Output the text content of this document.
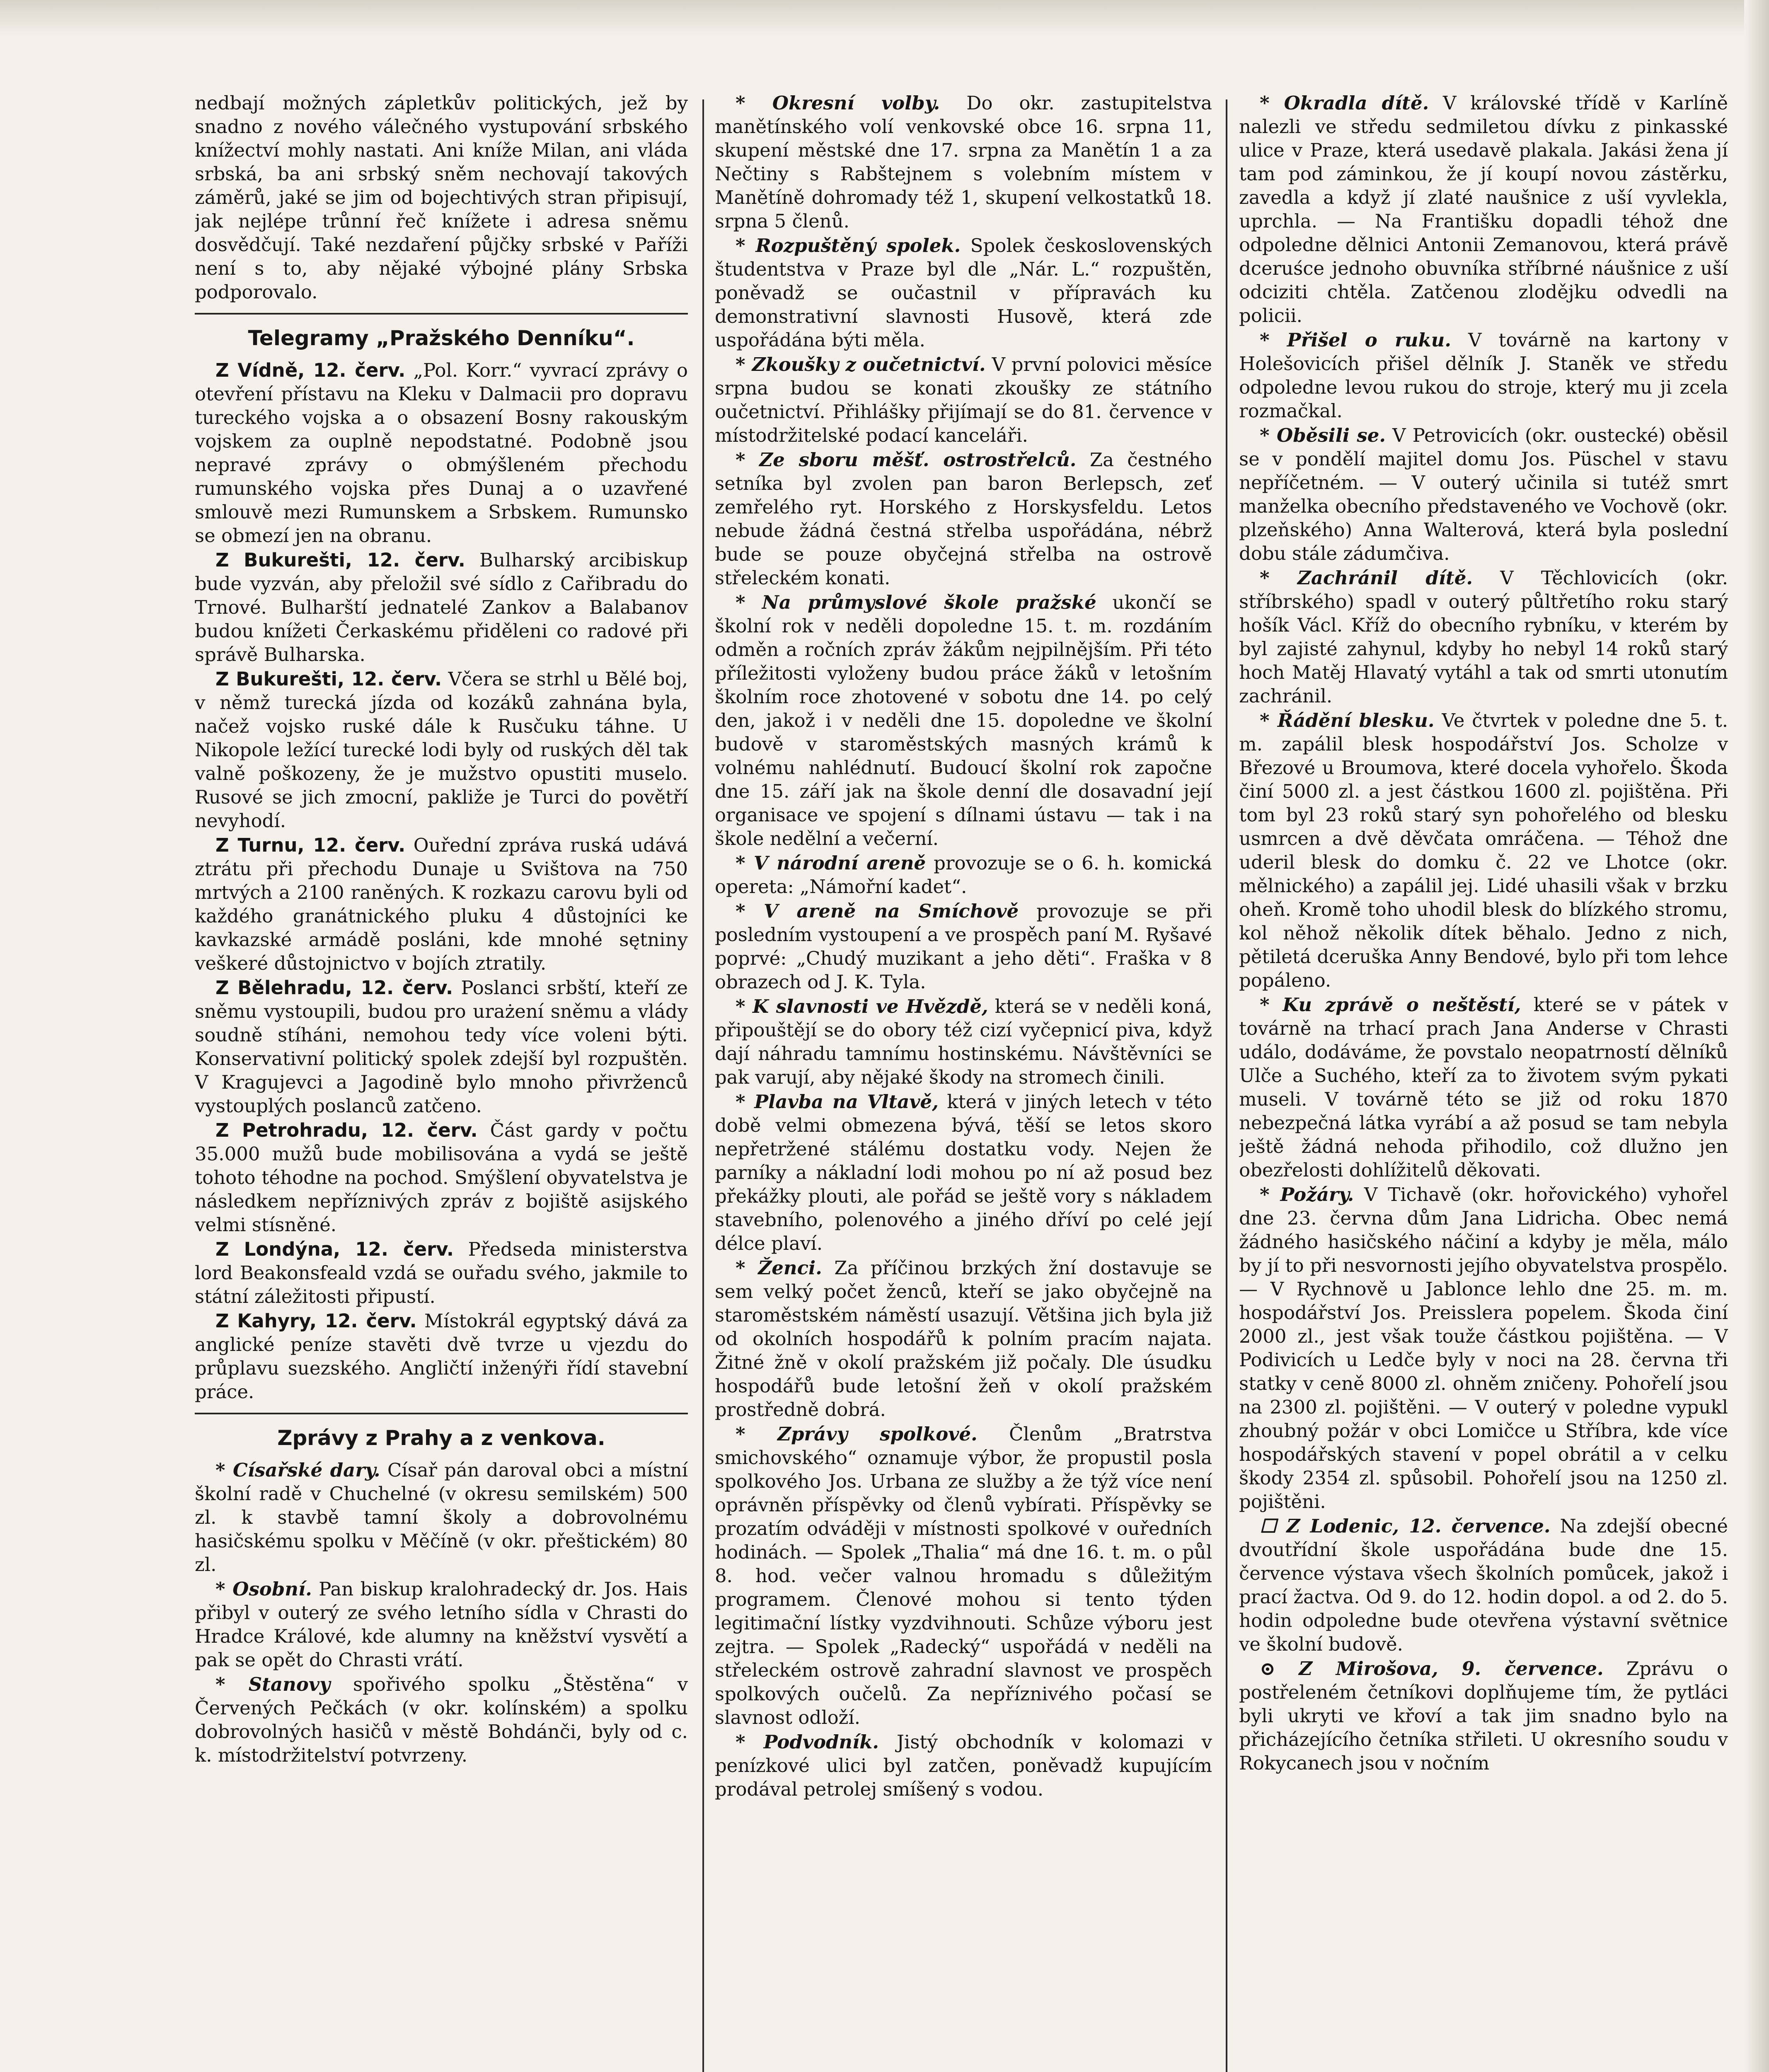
nedbají možných zápletkův politických, jež by snadno z nového válečného vystupování srbského knížectví mohly nastati. Ani kníže Milan, ani vláda srbská, ba ani srbský sněm nechovají takových záměrů, jaké se jim od bojechtivých stran připisují, jak nejlépe trůnní řeč knížete i adresa sněmu dosvědčují. Také nezdaření půjčky srbské v Paříži není s to, aby nějaké výbojné plány Srbska podporovalo.

Telegramy „Pražského Denníku“.

Z Vídně, 12. červ. „Pol. Korr.“ vyvrací zprávy o otevření přístavu na Kleku v Dalmacii pro dopravu tureckého vojska a o obsazení Bosny rakouským vojskem za ouplně nepodstatné. Podobně jsou nepravé zprávy o obmýšleném přechodu rumunského vojska přes Dunaj a o uzavřené smlouvě mezi Rumunskem a Srbskem. Rumunsko se obmezí jen na obranu.

Z Bukurešti, 12. červ. Bulharský arcibiskup bude vyzván, aby přeložil své sídlo z Cařibradu do Trnové. Bulharští jednatelé Zankov a Balabanov budou knížeti Čerkaskému přiděleni co radové při správě Bulharska.

Z Bukurešti, 12. červ. Včera se strhl u Bělé boj, v němž turecká jízda od kozáků zahnána byla, načež vojsko ruské dále k Rusčuku táhne. U Nikopole ležící turecké lodi byly od ruských děl tak valně poškozeny, že je mužstvo opustiti muselo. Rusové se jich zmocní, pakliže je Turci do povětří nevyhodí.

Z Turnu, 12. červ. Ouřední zpráva ruská udává ztrátu při přechodu Dunaje u Svištova na 750 mrtvých a 2100 raněných. K rozkazu carovu byli od každého granátnického pluku 4 důstojníci ke kavkazské armádě posláni, kde mnohé sętniny veškeré důstojnictvo v bojích ztratily.

Z Bělehradu, 12. červ. Poslanci srbští, kteří ze sněmu vystoupili, budou pro urażení sněmu a vlády soudně stíháni, nemohou tedy více voleni býti. Konservativní politický spolek zdejší byl rozpuštěn. V Kragujevci a Jagodině bylo mnoho přivrženců vystouplých poslanců zatčeno.

Z Petrohradu, 12. červ. Část gardy v počtu 35.000 mužů bude mobilisována a vydá se ještě tohoto téhodne na pochod. Smýšlení obyvatelstva je následkem nepříznivých zpráv z bojiště asijského velmi stísněné.

Z Londýna, 12. červ. Předseda ministerstva lord Beakonsfeald vzdá se ouřadu svého, jakmile to státní záležitosti připustí.

Z Kahyry, 12. červ. Místokrál egyptský dává za anglické peníze stavěti dvě tvrze u vjezdu do průplavu suezského. Angličtí inženýři řídí stavební práce.

Zprávy z Prahy a z venkova.

* Císařské dary. Císař pán daroval obci a místní školní radě v Chuchelné (v okresu semilském) 500 zl. k stavbě tamní školy a dobrovolnému hasičskému spolku v Měčíně (v okr. přeštickém) 80 zl.

* Osobní. Pan biskup kralohradecký dr. Jos. Hais přibyl v outerý ze svého letního sídla v Chrasti do Hradce Králové, kde alumny na kněžství vysvětí a pak se opět do Chrasti vrátí.

* Stanovy spořivého spolku „Štěstěna“ v Červených Pečkách (v okr. kolínském) a spolku dobrovolných hasičů v městě Bohdánči, byly od c. k. místodržitelství potvrzeny.

* Okresní volby. Do okr. zastupitelstva manětínského volí venkovské obce 16. srpna 11, skupení městské dne 17. srpna za Manětín 1 a za Nečtiny s Rabštejnem s volebním místem v Manětíně dohromady též 1, skupení velkostatků 18. srpna 5 členů.

* Rozpuštěný spolek. Spolek československých študentstva v Praze byl dle „Nár. L.“ rozpuštěn, poněvadž se oučastnil v přípravách ku demonstrativní slavnosti Husově, která zde uspořádána býti měla.

* Zkoušky z oučetnictví. V první polovici měsíce srpna budou se konati zkoušky ze státního oučetnictví. Přihlášky přijímají se do 81. července v místodržitelské podací kanceláři.

* Ze sboru měšť. ostrostřelců. Za čestného setníka byl zvolen pan baron Berlepsch, zeť zemřelého ryt. Horského z Horskysfeldu. Letos nebude žádná čestná střelba uspořádána, nébrž bude se pouze obyčejná střelba na ostrově střeleckém konati.

* Na průmyslové škole pražské ukončí se školní rok v neděli dopoledne 15. t. m. rozdáním odměn a ročních zpráv žákům nejpilnějším. Při této příležitosti vyloženy budou práce žáků v letošním školním roce zhotovené v sobotu dne 14. po celý den, jakož i v neděli dne 15. dopoledne ve školní budově v staroměstských masných krámů k volnému nahlédnutí. Budoucí školní rok započne dne 15. září jak na škole denní dle dosavadní její organisace ve spojení s dílnami ústavu — tak i na škole nedělní a večerní.

* V národní areně provozuje se o 6. h. komická opereta: „Námořní kadet“.

* V areně na Smíchově provozuje se při posledním vystoupení a ve prospěch paní M. Ryšavé poprvé: „Chudý muzikant a jeho děti“. Fraška v 8 obrazech od J. K. Tyla.

* K slavnosti ve Hvězdě, která se v neděli koná, připouštějí se do obory též cizí vyčepnicí piva, když dají náhradu tamnímu hostinskému. Návštěvníci se pak varují, aby nějaké škody na stromech činili.

* Plavba na Vltavě, která v jiných letech v této době velmi obmezena bývá, těší se letos skoro nepřetržené stálému dostatku vody. Nejen že parníky a nákladní lodi mohou po ní až posud bez překážky plouti, ale pořád se ještě vory s nákladem stavebního, polenového a jiného dříví po celé její délce plaví.

* Ženci. Za příčinou brzkých žní dostavuje se sem velký počet ženců, kteří se jako obyčejně na staroměstském náměstí usazují. Většina jich byla již od okolních hospodářů k polním pracím najata. Žitné žně v okolí pražském již počaly. Dle úsudku hospodářů bude letošní žeň v okolí pražském prostředně dobrá.

* Zprávy spolkové. Členům „Bratrstva smichovského“ oznamuje výbor, že propustil posla spolkového Jos. Urbana ze služby a že týž více není oprávněn příspěvky od členů vybírati. Příspěvky se prozatím odváději v místnosti spolkové v ouředních hodinách. — Spolek „Thalia“ má dne 16. t. m. o půl 8. hod. večer valnou hromadu s důležitým programem. Členové mohou si tento týden legitimační lístky vyzdvihnouti. Schůze výboru jest zejtra. — Spolek „Radecký“ uspořádá v neděli na střeleckém ostrově zahradní slavnost ve prospěch spolkových oučelů. Za nepříznivého počasí se slavnost odloží.

* Podvodník. Jistý obchodník v kolomazi v penízkové ulici byl zatčen, poněvadž kupujícím prodával petrolej smíšený s vodou.

* Okradla dítě. V královské třídě v Karlíně nalezli ve středu sedmiletou dívku z pinkasské ulice v Praze, která usedavě plakala. Jakási žena jí tam pod záminkou, že jí koupí novou zástěrku, zavedla a když jí zlaté naušnice z uší vyvlekla, uprchla. — Na Františku dopadli téhož dne odpoledne dělnici Antonii Zemanovou, která právě dceruśce jednoho obuvníka stříbrné náušnice z uší odciziti chtěla. Zatčenou zlodějku odvedli na policii.

* Přišel o ruku. V továrně na kartony v Holešovicích přišel dělník J. Staněk ve středu odpoledne levou rukou do stroje, který mu ji zcela rozmačkal.

* Oběsili se. V Petrovicích (okr. oustecké) oběsil se v pondělí majitel domu Jos. Püschel v stavu nepříčetném. — V outerý učinila si tutéž smrt manželka obecního představeného ve Vochově (okr. plzeňského) Anna Walterová, která byla poslední dobu stále zádumčiva.

* Zachránil dítě. V Těchlovicích (okr. stříbrského) spadl v outerý půltřetího roku starý hošík Václ. Kříž do obecního rybníku, v kterém by byl zajisté zahynul, kdyby ho nebyl 14 roků starý hoch Matěj Hlavatý vytáhl a tak od smrti utonutím zachránil.

* Řádění blesku. Ve čtvrtek v poledne dne 5. t. m. zapálil blesk hospodářství Jos. Scholze v Březové u Broumova, které docela vyhořelo. Škoda činí 5000 zl. a jest částkou 1600 zl. pojištěna. Při tom byl 23 roků starý syn pohořelého od blesku usmrcen a dvě děvčata omráčena. — Téhož dne uderil blesk do domku č. 22 ve Lhotce (okr. mělnického) a zapálil jej. Lidé uhasili však v brzku oheň. Kromě toho uhodil blesk do blízkého stromu, kol něhož několik dítek běhalo. Jedno z nich, pětiletá dceruška Anny Bendové, bylo při tom lehce popáleno.

* Ku zprávě o neštěstí, které se v pátek v továrně na trhací prach Jana Anderse v Chrasti událo, dodáváme, že povstalo neopatrností dělníků Ulče a Suchého, kteří za to životem svým pykati museli. V továrně této se již od roku 1870 nebezpečná látka vyrábí a až posud se tam nebyla ještě žádná nehoda přihodilo, což dlužno jen obezřelosti dohlížitelů děkovati.

* Požáry. V Tichavě (okr. hořovického) vyhořel dne 23. června dům Jana Lidricha. Obec nemá žádného hasičského náčiní a kdyby je měla, málo by jí to při nesvornosti jejího obyvatelstva prospělo. — V Rychnově u Jablonce lehlo dne 25. m. m. hospodářství Jos. Preisslera popelem. Škoda činí 2000 zl., jest však touže částkou pojištěna. — V Podivicích u Ledče byly v noci na 28. června tři statky v ceně 8000 zl. ohněm zničeny. Pohořelí jsou na 2300 zl. pojištěni. — V outerý v poledne vypukl zhoubný požár v obci Lomičce u Stříbra, kde více hospodářských stavení v popel obrátil a v celku škody 2354 zl. spůsobil. Pohořelí jsou na 1250 zl. pojištěni.

☐ Z Lodenic, 12. července. Na zdejší obecné dvoutřídní škole uspořádána bude dne 15. července výstava všech školních pomůcek, jakož i prací žactva. Od 9. do 12. hodin dopol. a od 2. do 5. hodin odpoledne bude otevřena výstavní světnice ve školní budově.

⊙ Z Mirošova, 9. července. Zprávu o postřeleném četníkovi doplňujeme tím, že pytláci byli ukryti ve křoví a tak jim snadno bylo na přicházejícího četníka střileti. U okresního soudu v Rokycanech jsou v nočním
